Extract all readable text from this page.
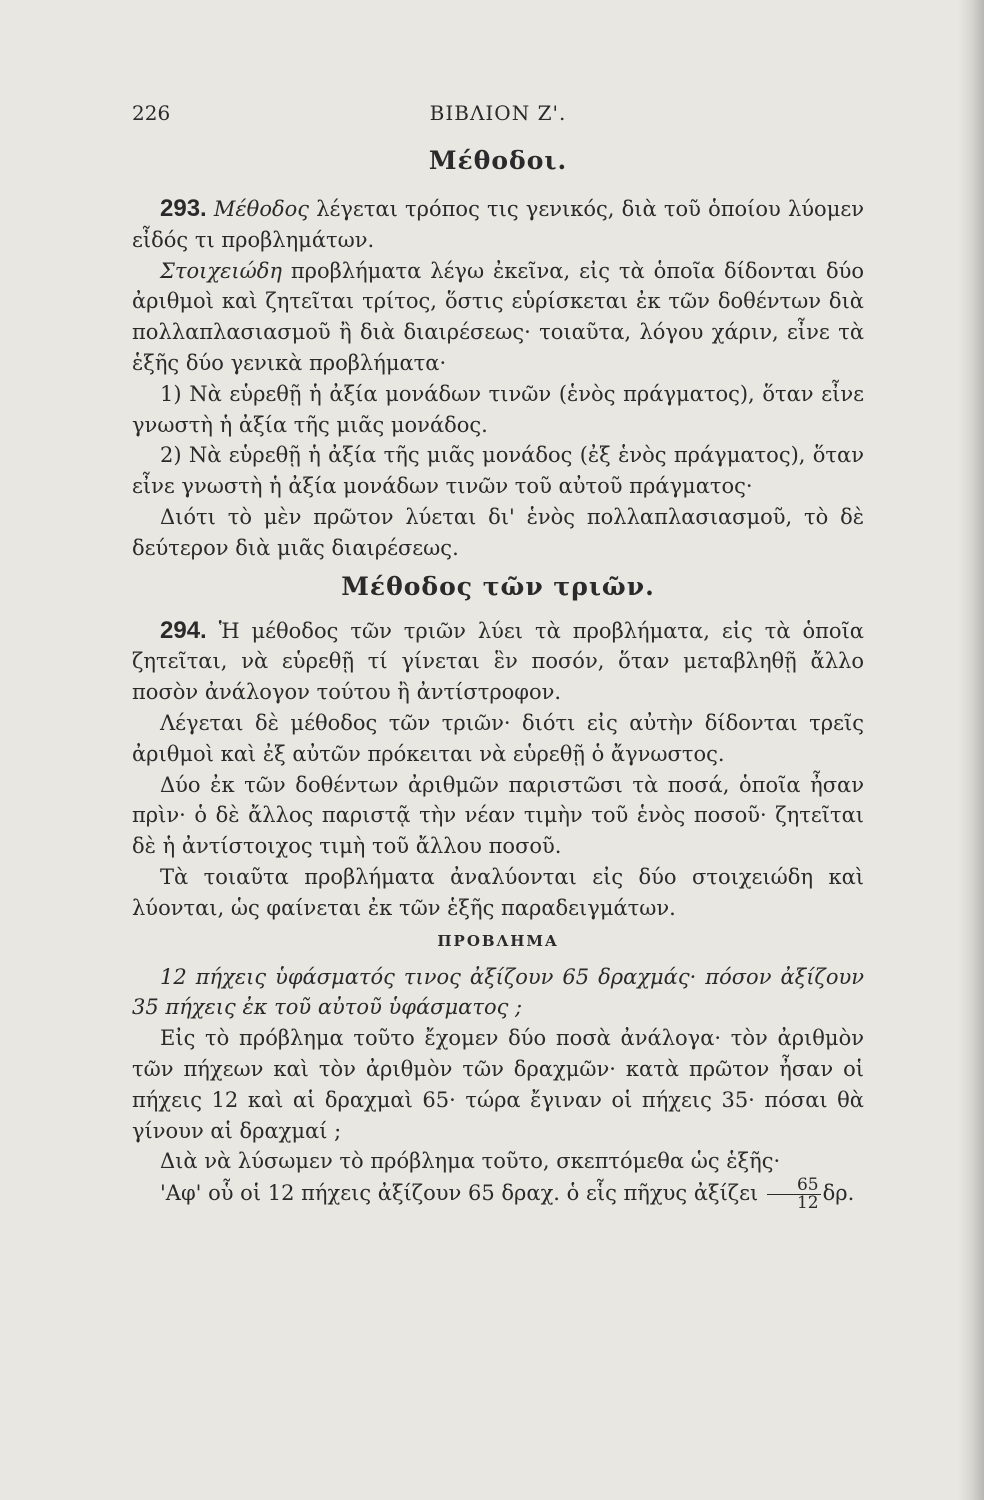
226	ΒΙΒΛΙΟΝ Ζ'.
Μέθοδοι.

293. Μέθοδος λέγεται τρόπος τις γενικός, διὰ τοῦ ὁποίου λύομεν εἶδός τι προβλημάτων.

Στοιχειώδη προβλήματα λέγω ἐκεῖνα, εἰς τὰ ὁποῖα δίδονται δύο ἀριθμοὶ καὶ ζητεῖται τρίτος, ὅστις εὑρίσκεται ἐκ τῶν δοθέντων διὰ πολλαπλασιασμοῦ ἢ διὰ διαιρέσεως· τοιαῦτα, λόγου χάριν, εἶνε τὰ ἑξῆς δύο γενικὰ προβλήματα·

1) Νὰ εὑρεθῇ ἡ ἀξία μονάδων τινῶν (ἑνὸς πράγματος), ὅταν εἶνε γνωστὴ ἡ ἀξία τῆς μιᾶς μονάδος.

2) Νὰ εὑρεθῇ ἡ ἀξία τῆς μιᾶς μονάδος (ἐξ ἑνὸς πράγματος), ὅταν εἶνε γνωστὴ ἡ ἀξία μονάδων τινῶν τοῦ αὐτοῦ πράγματος·

Διότι τὸ μὲν πρῶτον λύεται δι' ἑνὸς πολλαπλασιασμοῦ, τὸ δὲ δεύτερον διὰ μιᾶς διαιρέσεως.

Μέθοδος τῶν τριῶν.

294. Ἡ μέθοδος τῶν τριῶν λύει τὰ προβλήματα, εἰς τὰ ὁποῖα ζητεῖται, νὰ εὑρεθῇ τί γίνεται ἓν ποσόν, ὅταν μεταβληθῇ ἄλλο ποσὸν ἀνάλογον τούτου ἢ ἀντίστροφον.

Λέγεται δὲ μέθοδος τῶν τριῶν· διότι εἰς αὐτὴν δίδονται τρεῖς ἀριθμοὶ καὶ ἐξ αὐτῶν πρόκειται νὰ εὑρεθῇ ὁ ἄγνωστος.

Δύο ἐκ τῶν δοθέντων ἀριθμῶν παριστῶσι τὰ ποσά, ὁποῖα ἦσαν πρὶν· ὁ δὲ ἄλλος παριστᾷ τὴν νέαν τιμὴν τοῦ ἑνὸς ποσοῦ· ζητεῖται δὲ ἡ ἀντίστοιχος τιμὴ τοῦ ἄλλου ποσοῦ.

Τὰ τοιαῦτα προβλήματα ἀναλύονται εἰς δύο στοιχειώδη καὶ λύονται, ὡς φαίνεται ἐκ τῶν ἑξῆς παραδειγμάτων.

ΠΡΟΒΛΗΜΑ

12 πήχεις ὑφάσματός τινος ἀξίζουν 65 δραχμάς· πόσον ἀξίζουν 35 πήχεις ἐκ τοῦ αὐτοῦ ὑφάσματος ;

Εἰς τὸ πρόβλημα τοῦτο ἔχομεν δύο ποσὰ ἀνάλογα· τὸν ἀριθμὸν τῶν πήχεων καὶ τὸν ἀριθμὸν τῶν δραχμῶν· κατὰ πρῶτον ἦσαν οἱ πήχεις 12 καὶ αἱ δραχμαὶ 65· τώρα ἔγιναν οἱ πήχεις 35· πόσαι θὰ γίνουν αἱ δραχμαί ;

Διὰ νὰ λύσωμεν τὸ πρόβλημα τοῦτο, σκεπτόμεθα ὡς ἑξῆς·

'Αφ' οὗ οἱ 12 πήχεις ἀξίζουν 65 δραχ. ὁ εἷς πῆχυς ἀξίζει $\frac{65}{12} \delta\rho$.
